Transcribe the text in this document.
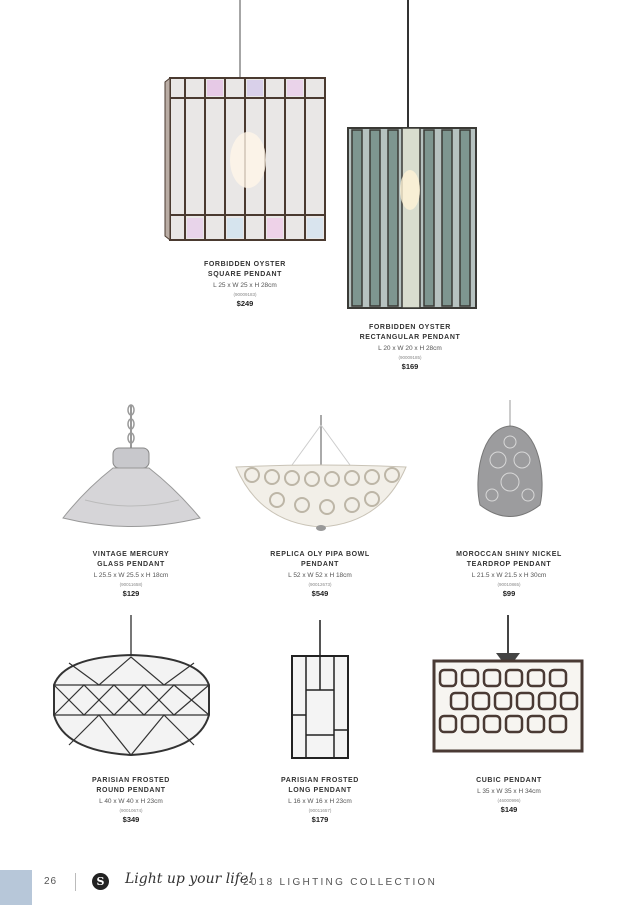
FORBIDDEN OYSTER
SQUARE PENDANT
L 25 x W 25 x H 28cm
(90009183)
$249
FORBIDDEN OYSTER
RECTANGULAR PENDANT
L 20 x W 20 x H 28cm
(90009185)
$169
VINTAGE MERCURY
GLASS PENDANT
L 25.5 x W 25.5 x H 18cm
(90011658)
$129
REPLICA OLY PIPA BOWL
PENDANT
L 52 x W 52 x H 18cm
(90012673)
$549
MOROCCAN SHINY NICKEL
TEARDROP PENDANT
L 21.5 x W 21.5 x H 30cm
(90010865)
$99
PARISIAN FROSTED
ROUND PENDANT
L 40 x W 40 x H 23cm
(90010674)
$349
PARISIAN FROSTED
LONG PENDANT
L 16 x W 16 x H 23cm
(90011657)
$179
CUBIC PENDANT
L 35 x W 35 x H 34cm
(46000996)
$149
26	S	Light up your life!
2018 LIGHTING COLLECTION
